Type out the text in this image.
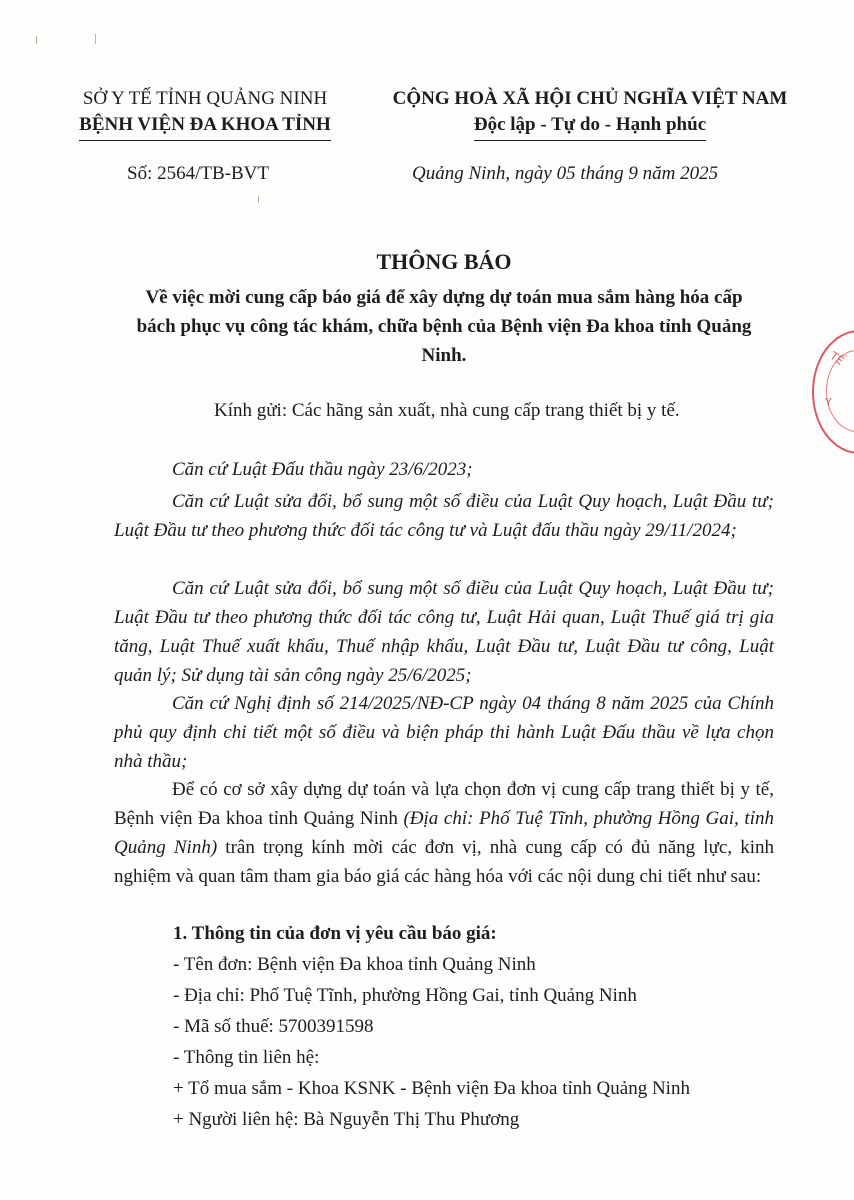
SỞ Y TẾ TỈNH QUẢNG NINH
BỆNH VIỆN ĐA KHOA TỈNH
Số: 2564/TB-BVT
CỘNG HOÀ XÃ HỘI CHỦ NGHĨA VIỆT NAM
Độc lập - Tự do - Hạnh phúc
Quảng Ninh, ngày 05 tháng 9 năm 2025
THÔNG BÁO
Về việc mời cung cấp báo giá để xây dựng dự toán mua sắm hàng hóa cấp bách phục vụ công tác khám, chữa bệnh của Bệnh viện Đa khoa tỉnh Quảng Ninh.
Kính gửi: Các hãng sản xuất, nhà cung cấp trang thiết bị y tế.
Căn cứ Luật Đấu thầu ngày 23/6/2023;
Căn cứ Luật sửa đổi, bổ sung một số điều của Luật Quy hoạch, Luật Đầu tư; Luật Đầu tư theo phương thức đối tác công tư và Luật đấu thầu ngày 29/11/2024;
Căn cứ Luật sửa đổi, bổ sung một số điều của Luật Quy hoạch, Luật Đầu tư; Luật Đầu tư theo phương thức đối tác công tư, Luật Hải quan, Luật Thuế giá trị gia tăng, Luật Thuế xuất khẩu, Thuế nhập khẩu, Luật Đầu tư, Luật Đầu tư công, Luật quản lý; Sử dụng tài sản công ngày 25/6/2025;
Căn cứ Nghị định số 214/2025/NĐ-CP ngày 04 tháng 8 năm 2025 của Chính phủ quy định chi tiết một số điều và biện pháp thi hành Luật Đấu thầu về lựa chọn nhà thầu;
Để có cơ sở xây dựng dự toán và lựa chọn đơn vị cung cấp trang thiết bị y tế, Bệnh viện Đa khoa tỉnh Quảng Ninh (Địa chỉ: Phố Tuệ Tĩnh, phường Hồng Gai, tỉnh Quảng Ninh) trân trọng kính mời các đơn vị, nhà cung cấp có đủ năng lực, kinh nghiệm và quan tâm tham gia báo giá các hàng hóa với các nội dung chi tiết như sau:
1. Thông tin của đơn vị yêu cầu báo giá:
- Tên đơn: Bệnh viện Đa khoa tỉnh Quảng Ninh
- Địa chỉ: Phố Tuệ Tĩnh, phường Hồng Gai, tỉnh Quảng Ninh
- Mã số thuế: 5700391598
- Thông tin liên hệ:
+ Tổ mua sắm - Khoa KSNK - Bệnh viện Đa khoa tỉnh Quảng Ninh
+ Người liên hệ: Bà Nguyễn Thị Thu Phương
TẾ
Y
